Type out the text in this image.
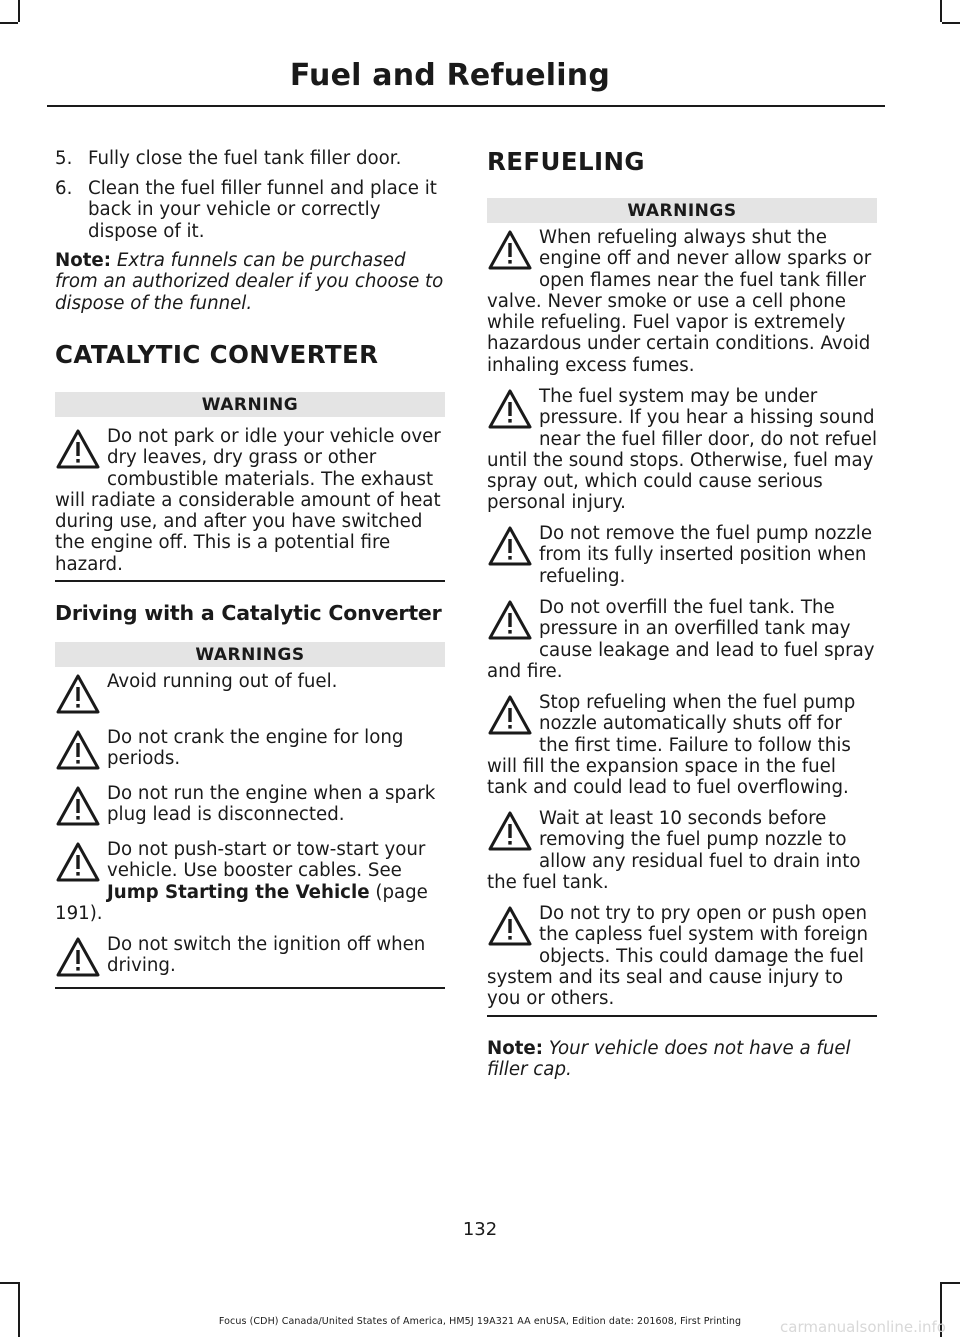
Fuel and Refueling
5. Fully close the fuel tank filler door.
6. Clean the fuel filler funnel and place it back in your vehicle or correctly dispose of it.
Note: Extra funnels can be purchased from an authorized dealer if you choose to dispose of the funnel.
CATALYTIC CONVERTER
WARNING
Do not park or idle your vehicle over dry leaves, dry grass or other combustible materials. The exhaust will radiate a considerable amount of heat during use, and after you have switched the engine off. This is a potential fire hazard.
Driving with a Catalytic Converter
WARNINGS
Avoid running out of fuel.
Do not crank the engine for long periods.
Do not run the engine when a spark plug lead is disconnected.
Do not push-start or tow-start your vehicle. Use booster cables. See Jump Starting the Vehicle (page 191).
Do not switch the ignition off when driving.
REFUELING
WARNINGS
When refueling always shut the engine off and never allow sparks or open flames near the fuel tank filler valve. Never smoke or use a cell phone while refueling. Fuel vapor is extremely hazardous under certain conditions. Avoid inhaling excess fumes.
The fuel system may be under pressure. If you hear a hissing sound near the fuel filler door, do not refuel until the sound stops. Otherwise, fuel may spray out, which could cause serious personal injury.
Do not remove the fuel pump nozzle from its fully inserted position when refueling.
Do not overfill the fuel tank. The pressure in an overfilled tank may cause leakage and lead to fuel spray and fire.
Stop refueling when the fuel pump nozzle automatically shuts off for the first time. Failure to follow this will fill the expansion space in the fuel tank and could lead to fuel overflowing.
Wait at least 10 seconds before removing the fuel pump nozzle to allow any residual fuel to drain into the fuel tank.
Do not try to pry open or push open the capless fuel system with foreign objects. This could damage the fuel system and its seal and cause injury to you or others.
Note: Your vehicle does not have a fuel filler cap.
132
Focus (CDH) Canada/United States of America, HM5J 19A321 AA enUSA, Edition date: 201608, First Printing	carmanualsonline.info
